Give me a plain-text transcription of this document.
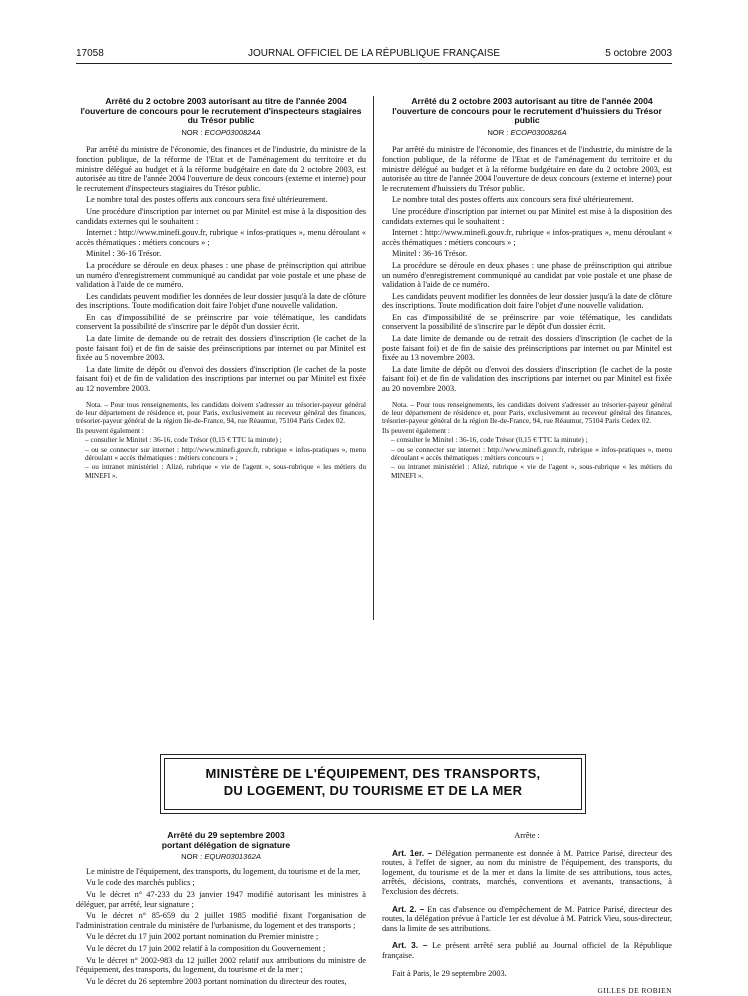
17058	JOURNAL OFFICIEL DE LA RÉPUBLIQUE FRANÇAISE	5 octobre 2003

Arrêté du 2 octobre 2003 autorisant au titre de l'année 2004 l'ouverture de concours pour le recrutement d'inspecteurs stagiaires du Trésor public

NOR : ECOP0300824A

Par arrêté du ministre de l'économie, des finances et de l'industrie, du ministre de la fonction publique, de la réforme de l'Etat et de l'aménagement du territoire et du ministre délégué au budget et à la réforme budgétaire en date du 2 octobre 2003, est autorisée au titre de l'année 2004 l'ouverture de deux concours (externe et interne) pour le recrutement d'inspecteurs stagiaires du Trésor public.

Le nombre total des postes offerts aux concours sera fixé ultérieurement.

Une procédure d'inscription par internet ou par Minitel est mise à la disposition des candidats externes qui le souhaitent :

Internet : http://www.minefi.gouv.fr, rubrique « infos-pratiques », menu déroulant « accès thématiques : métiers concours » ;

Minitel : 36-16 Trésor.

La procédure se déroule en deux phases : une phase de préinscription qui attribue un numéro d'enregistrement communiqué au candidat par voie postale et une phase de validation à l'aide de ce numéro.

Les candidats peuvent modifier les données de leur dossier jusqu'à la date de clôture des inscriptions. Toute modification doit faire l'objet d'une nouvelle validation.

En cas d'impossibilité de se préinscrire par voie télématique, les candidats conservent la possibilité de s'inscrire par le dépôt d'un dossier écrit.

La date limite de demande ou de retrait des dossiers d'inscription (le cachet de la poste faisant foi) et de fin de saisie des préinscriptions par internet ou par Minitel est fixée au 5 novembre 2003.

La date limite de dépôt ou d'envoi des dossiers d'inscription (le cachet de la poste faisant foi) et de fin de validation des inscriptions par internet ou par Minitel est fixée au 12 novembre 2003.

Nota. – Pour tous renseignements, les candidats doivent s'adresser au trésorier-payeur général de leur département de résidence et, pour Paris, exclusivement au receveur général des finances, trésorier-payeur général de la région Ile-de-France, 94, rue Réaumur, 75104 Paris Cedex 02.

Ils peuvent également :

– consulter le Minitel : 36-16, code Trésor (0,15 € TTC la minute) ;

– ou se connecter sur internet : http://www.minefi.gouv.fr, rubrique « infos-pratiques », menu déroulant « accès thématiques : métiers concours » ;

– ou intranet ministériel : Alizé, rubrique « vie de l'agent », sous-rubrique « les métiers du MINEFI ».

Arrêté du 2 octobre 2003 autorisant au titre de l'année 2004 l'ouverture de concours pour le recrutement d'huissiers du Trésor public

NOR : ECOP0300826A

Par arrêté du ministre de l'économie, des finances et de l'industrie, du ministre de la fonction publique, de la réforme de l'Etat et de l'aménagement du territoire et du ministre délégué au budget et à la réforme budgétaire en date du 2 octobre 2003, est autorisée au titre de l'année 2004 l'ouverture de deux concours (externe et interne) pour le recrutement d'huissiers du Trésor public.

Le nombre total des postes offerts aux concours sera fixé ultérieurement.

Une procédure d'inscription par internet ou par Minitel est mise à la disposition des candidats externes qui le souhaitent :

Internet : http://www.minefi.gouv.fr, rubrique « infos-pratiques », menu déroulant « accès thématiques : métiers concours » ;

Minitel : 36-16 Trésor.

La procédure se déroule en deux phases : une phase de préinscription qui attribue un numéro d'enregistrement communiqué au candidat par voie postale et une phase de validation à l'aide de ce numéro.

Les candidats peuvent modifier les données de leur dossier jusqu'à la date de clôture des inscriptions. Toute modification doit faire l'objet d'une nouvelle validation.

En cas d'impossibilité de se préinscrire par voie télématique, les candidats conservent la possibilité de s'inscrire par le dépôt d'un dossier écrit.

La date limite de demande ou de retrait des dossiers d'inscription (le cachet de la poste faisant foi) et de fin de saisie des préinscriptions par internet ou par Minitel est fixée au 13 novembre 2003.

La date limite de dépôt ou d'envoi des dossiers d'inscription (le cachet de la poste faisant foi) et de fin de validation des inscriptions par internet ou par Minitel est fixée au 20 novembre 2003.

Nota. – Pour tous renseignements, les candidats doivent s'adresser au trésorier-payeur général de leur département de résidence et, pour Paris, exclusivement au receveur général des finances, trésorier-payeur général de la région Ile-de-France, 94, rue Réaumur, 75104 Paris Cedex 02.

Ils peuvent également :

– consulter le Minitel : 36-16, code Trésor (0,15 € TTC la minute) ;

– ou se connecter sur internet : http://www.minefi.gouv.fr, rubrique « infos-pratiques », menu déroulant « accès thématiques : métiers concours » ;

– ou intranet ministériel : Alizé, rubrique « vie de l'agent », sous-rubrique « les métiers du MINEFI ».

MINISTÈRE DE L'ÉQUIPEMENT, DES TRANSPORTS,
DU LOGEMENT, DU TOURISME ET DE LA MER

Arrêté du 29 septembre 2003

portant délégation de signature

NOR : EQUR0301362A

Le ministre de l'équipement, des transports, du logement, du tourisme et de la mer,

Vu le code des marchés publics ;

Vu le décret n° 47-233 du 23 janvier 1947 modifié autorisant les ministres à déléguer, par arrêté, leur signature ;

Vu le décret n° 85-659 du 2 juillet 1985 modifié fixant l'organisation de l'administration centrale du ministère de l'urbanisme, du logement et des transports ;

Vu le décret du 17 juin 2002 portant nomination du Premier ministre ;

Vu le décret du 17 juin 2002 relatif à la composition du Gouvernement ;

Vu le décret n° 2002-983 du 12 juillet 2002 relatif aux attributions du ministre de l'équipement, des transports, du logement, du tourisme et de la mer ;

Vu le décret du 26 septembre 2003 portant nomination du directeur des routes,

Arrête :

Art. 1er. – Délégation permanente est donnée à M. Patrice Parisé, directeur des routes, à l'effet de signer, au nom du ministre de l'équipement, des transports, du logement, du tourisme et de la mer et dans la limite de ses attributions, tous actes, arrêtés, décisions, contrats, marchés, conventions et avenants, transactions, à l'exclusion des décrets.

Art. 2. – En cas d'absence ou d'empêchement de M. Patrice Parisé, directeur des routes, la délégation prévue à l'article 1er est dévolue à M. Patrick Vieu, sous-directeur, dans la limite de ses attributions.

Art. 3. – Le présent arrêté sera publié au Journal officiel de la République française.

Fait à Paris, le 29 septembre 2003.

GILLES DE ROBIEN
